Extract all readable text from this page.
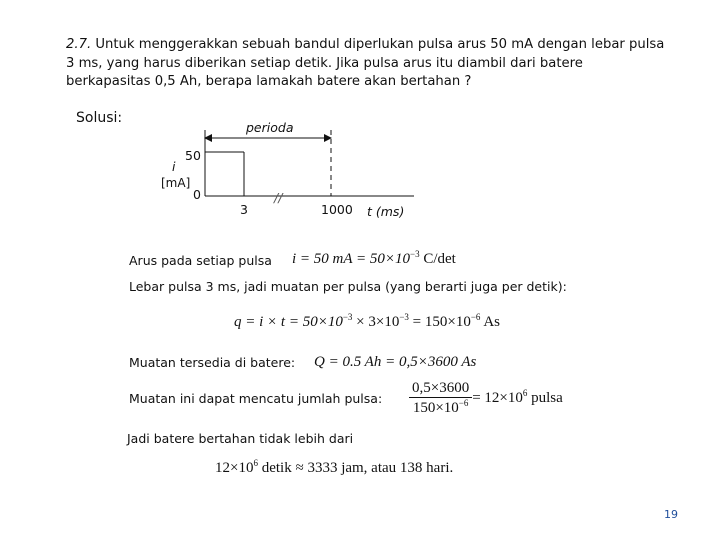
2.7. Untuk menggerakkan sebuah bandul diperlukan pulsa arus 50 mA dengan lebar pulsa
3 ms, yang harus diberikan setiap detik. Jika pulsa arus itu diambil dari batere
berkapasitas 0,5 Ah, berapa lamakah batere akan bertahan ?
Solusi:
perioda
i
[mA]
50
0
3
//
1000 t (ms)
Arus pada setiap pulsa i = 50 mA = $50\times 10^{-3}$ C/det
Lebar pulsa 3 ms, jadi muatan per pulsa (yang berarti juga per detik):
$q = i \times t = 50\times 10^{-3} \times 3\times 10^{-3} = 150\times 10^{-6}$ As
Muatan tersedia di batere: Q = 0.5 Ah = 0,5×3600 As
Muatan ini dapat mencatu jumlah pulsa: $\frac{0,5\times 3600}{150\times 10^{-6}} = 12\times 10^6$ pulsa
Jadi batere bertahan tidak lebih dari
$12\times 10^6$ detik ≈ 3333 jam, atau 138 hari.
19
